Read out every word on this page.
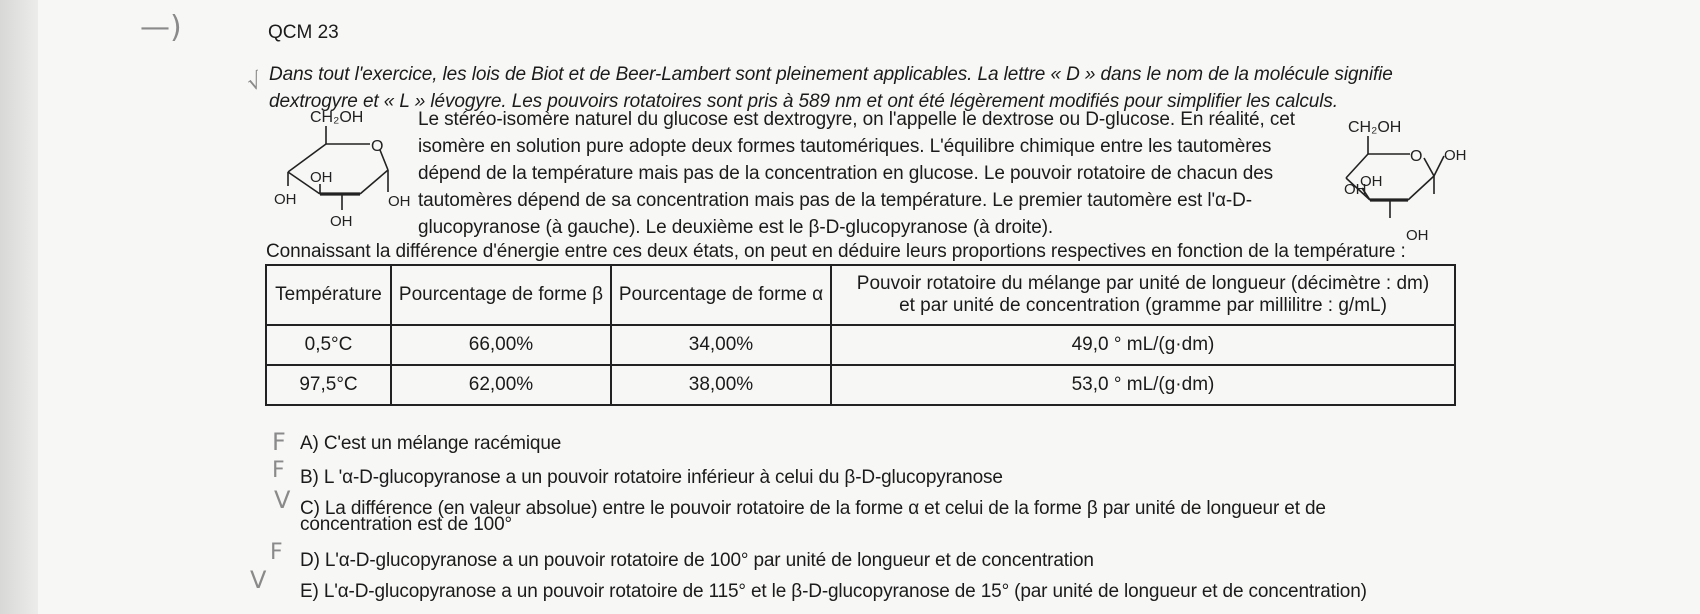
—)
√
QCM 23
Dans tout l'exercice, les lois de Biot et de Beer-Lambert sont pleinement applicables. La lettre « D » dans le nom de la molécule signifie
dextrogyre et « L » lévogyre. Les pouvoirs rotatoires sont pris à 589 nm et ont été légèrement modifiés pour simplifier les calculs.
CH₂OH
O
OH
OH	OH
OH
Le stéréo-isomère naturel du glucose est dextrogyre, on l'appelle le dextrose ou D-glucose. En réalité, cet
isomère en solution pure adopte deux formes tautomériques. L'équilibre chimique entre les tautomères
dépend de la température mais pas de la concentration en glucose. Le pouvoir rotatoire de chacun des
tautomères dépend de sa concentration mais pas de la température. Le premier tautomère est l'α-D-
glucopyranose (à gauche). Le deuxième est le β-D-glucopyranose (à droite).
CH₂OH
O OH
OH
OH
OH
Connaissant la différence d'énergie entre ces deux états, on peut en déduire leurs proportions respectives en fonction de la température :
Température	Pourcentage de forme β	Pourcentage de forme α	Pouvoir rotatoire du mélange par unité de longueur (décimètre : dm)
et par unité de concentration (gramme par millilitre : g/mL)

0,5°C	66,00%	34,00%	49,0 ° mL/(g·dm)
97,5°C	62,00%	38,00%	53,0 ° mL/(g·dm)
F
F
V
F
V
A) C'est un mélange racémique
B) L 'α-D-glucopyranose a un pouvoir rotatoire inférieur à celui du β-D-glucopyranose
C) La différence (en valeur absolue) entre le pouvoir rotatoire de la forme α et celui de la forme β par unité de longueur et de
concentration est de 100°
D) L'α-D-glucopyranose a un pouvoir rotatoire de 100° par unité de longueur et de concentration
E) L'α-D-glucopyranose a un pouvoir rotatoire de 115° et le β-D-glucopyranose de 15° (par unité de longueur et de concentration)
